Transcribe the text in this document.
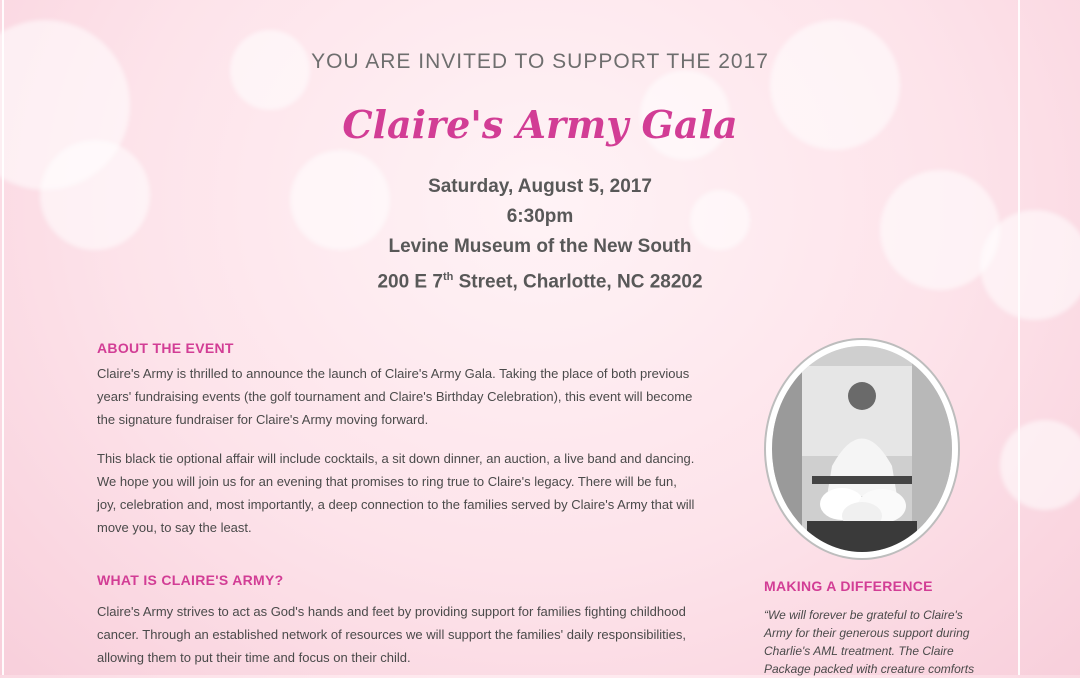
YOU ARE INVITED TO SUPPORT THE 2017
Claire's Army Gala
Saturday, August 5, 2017
6:30pm
Levine Museum of the New South
200 E 7th Street, Charlotte, NC 28202
ABOUT THE EVENT
Claire's Army is thrilled to announce the launch of Claire's Army Gala. Taking the place of both previous years' fundraising events (the golf tournament and Claire's Birthday Celebration), this event will become the signature fundraiser for Claire's Army moving forward.
This black tie optional affair will include cocktails, a sit down dinner, an auction, a live band and dancing. We hope you will join us for an evening that promises to ring true to Claire's legacy. There will be fun, joy, celebration and, most importantly, a deep connection to the families served by Claire's Army that will move you, to say the least.
WHAT IS CLAIRE'S ARMY?
Claire's Army strives to act as God's hands and feet by providing support for families fighting childhood cancer. Through an established network of resources we will support the families' daily responsibilities, allowing them to put their time and focus on their child.
MAKING A DIFFERENCE
“We will forever be grateful to Claire's Army for their generous support during Charlie's AML treatment. The Claire Package packed with creature comforts
